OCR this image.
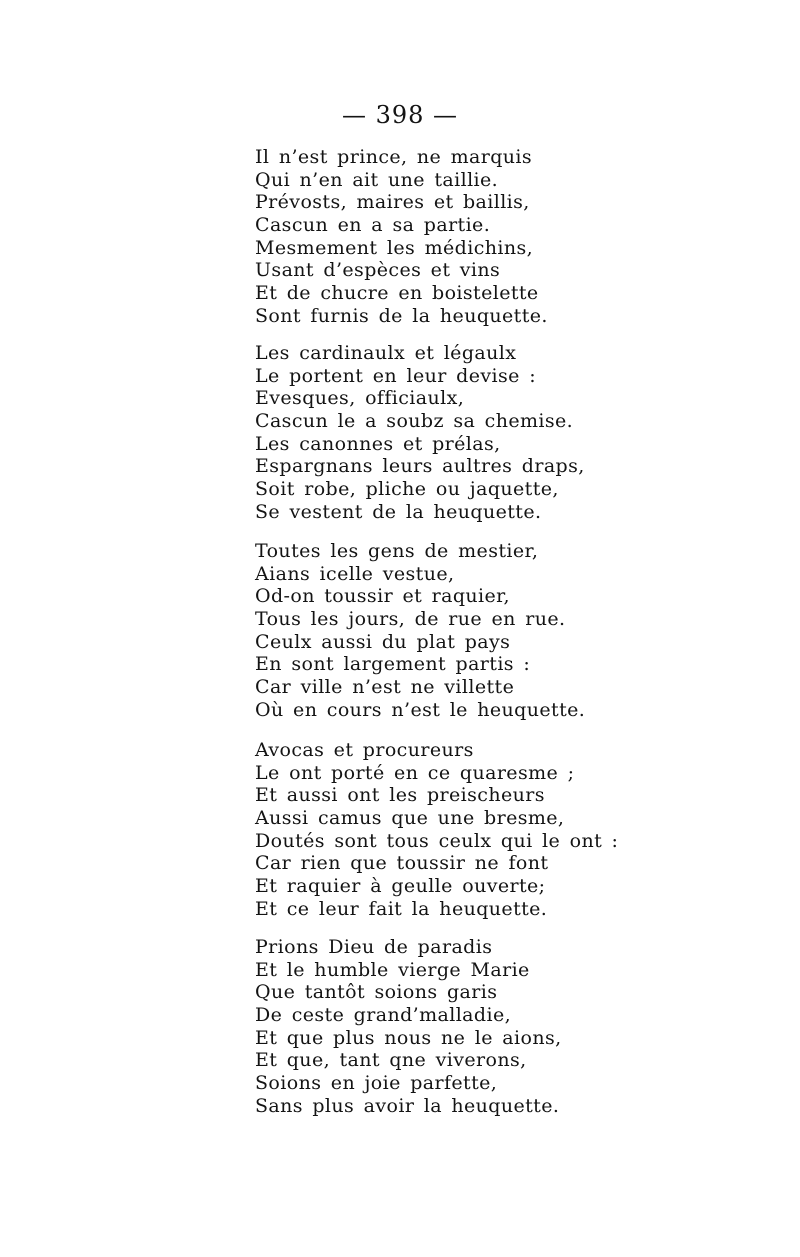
— 398 —
Il n’est prince, ne marquis
Qui n’en ait une taillie.
Prévosts, maires et baillis,
Cascun en a sa partie.
Mesmement les médichins,
Usant d’espèces et vins
Et de chucre en boistelette
Sont furnis de la heuquette.
Les cardinaulx et légaulx
Le portent en leur devise :
Evesques, officiaulx,
Cascun le a soubz sa chemise.
Les canonnes et prélas,
Espargnans leurs aultres draps,
Soit robe, pliche ou jaquette,
Se vestent de la heuquette.
Toutes les gens de mestier,
Aians icelle vestue,
Od-on toussir et raquier,
Tous les jours, de rue en rue.
Ceulx aussi du plat pays
En sont largement partis :
Car ville n’est ne villette
Où en cours n’est le heuquette.
Avocas et procureurs
Le ont porté en ce quaresme ;
Et aussi ont les preischeurs
Aussi camus que une bresme,
Doutés sont tous ceulx qui le ont :
Car rien que toussir ne font
Et raquier à geulle ouverte;
Et ce leur fait la heuquette.
Prions Dieu de paradis
Et le humble vierge Marie
Que tantôt soions garis
De ceste grand’malladie,
Et que plus nous ne le aions,
Et que, tant qne viverons,
Soions en joie parfette,
Sans plus avoir la heuquette.
